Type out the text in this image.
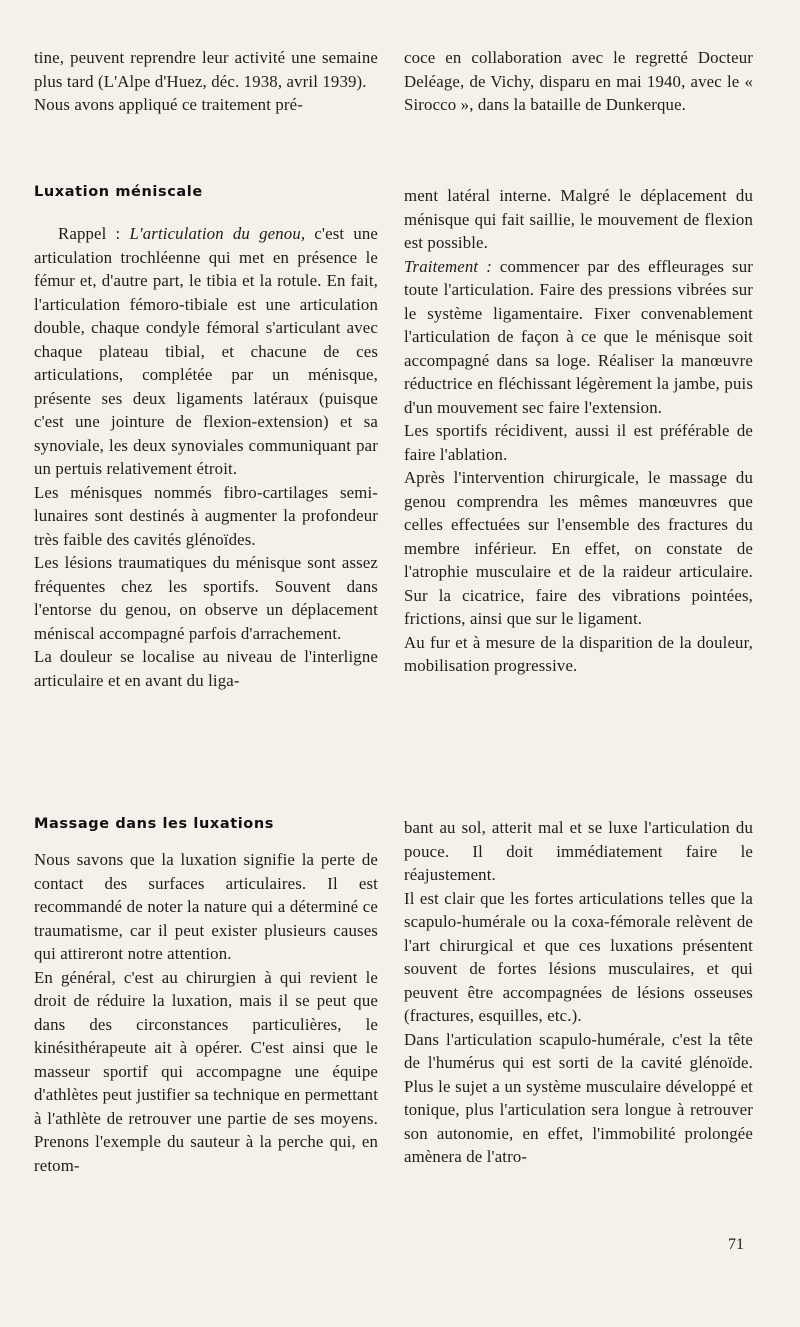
tine, peuvent reprendre leur activité une semaine plus tard (L'Alpe d'Huez, déc. 1938, avril 1939).

Nous avons appliqué ce traitement pré-

coce en collaboration avec le regretté Docteur Deléage, de Vichy, disparu en mai 1940, avec le « Sirocco », dans la bataille de Dunkerque.

Luxation méniscale

Rappel : L'articulation du genou, c'est une articulation trochléenne qui met en présence le fémur et, d'autre part, le tibia et la rotule. En fait, l'articulation fémoro-tibiale est une articulation double, chaque condyle fémoral s'articulant avec chaque plateau tibial, et chacune de ces articulations, complétée par un ménisque, présente ses deux ligaments latéraux (puisque c'est une jointure de flexion-extension) et sa synoviale, les deux synoviales communiquant par un pertuis relativement étroit.

Les ménisques nommés fibro-cartilages semi-lunaires sont destinés à augmenter la profondeur très faible des cavités glénoïdes.

Les lésions traumatiques du ménisque sont assez fréquentes chez les sportifs. Souvent dans l'entorse du genou, on observe un déplacement méniscal accompagné parfois d'arrachement.

La douleur se localise au niveau de l'interligne articulaire et en avant du liga-

ment latéral interne. Malgré le déplacement du ménisque qui fait saillie, le mouvement de flexion est possible.

Traitement : commencer par des effleurages sur toute l'articulation. Faire des pressions vibrées sur le système ligamentaire. Fixer convenablement l'articulation de façon à ce que le ménisque soit accompagné dans sa loge. Réaliser la manœuvre réductrice en fléchissant légèrement la jambe, puis d'un mouvement sec faire l'extension.

Les sportifs récidivent, aussi il est préférable de faire l'ablation.

Après l'intervention chirurgicale, le massage du genou comprendra les mêmes manœuvres que celles effectuées sur l'ensemble des fractures du membre inférieur. En effet, on constate de l'atrophie musculaire et de la raideur articulaire. Sur la cicatrice, faire des vibrations pointées, frictions, ainsi que sur le ligament.

Au fur et à mesure de la disparition de la douleur, mobilisation progressive.

Massage dans les luxations

Nous savons que la luxation signifie la perte de contact des surfaces articulaires. Il est recommandé de noter la nature qui a déterminé ce traumatisme, car il peut exister plusieurs causes qui attireront notre attention.

En général, c'est au chirurgien à qui revient le droit de réduire la luxation, mais il se peut que dans des circonstances particulières, le kinésithérapeute ait à opérer. C'est ainsi que le masseur sportif qui accompagne une équipe d'athlètes peut justifier sa technique en permettant à l'athlète de retrouver une partie de ses moyens. Prenons l'exemple du sauteur à la perche qui, en retom-

bant au sol, atterit mal et se luxe l'articulation du pouce. Il doit immédiatement faire le réajustement.

Il est clair que les fortes articulations telles que la scapulo-humérale ou la coxa-fémorale relèvent de l'art chirurgical et que ces luxations présentent souvent de fortes lésions musculaires, et qui peuvent être accompagnées de lésions osseuses (fractures, esquilles, etc.).

Dans l'articulation scapulo-humérale, c'est la tête de l'humérus qui est sorti de la cavité glénoïde. Plus le sujet a un système musculaire développé et tonique, plus l'articulation sera longue à retrouver son autonomie, en effet, l'immobilité prolongée amènera de l'atro-

71
